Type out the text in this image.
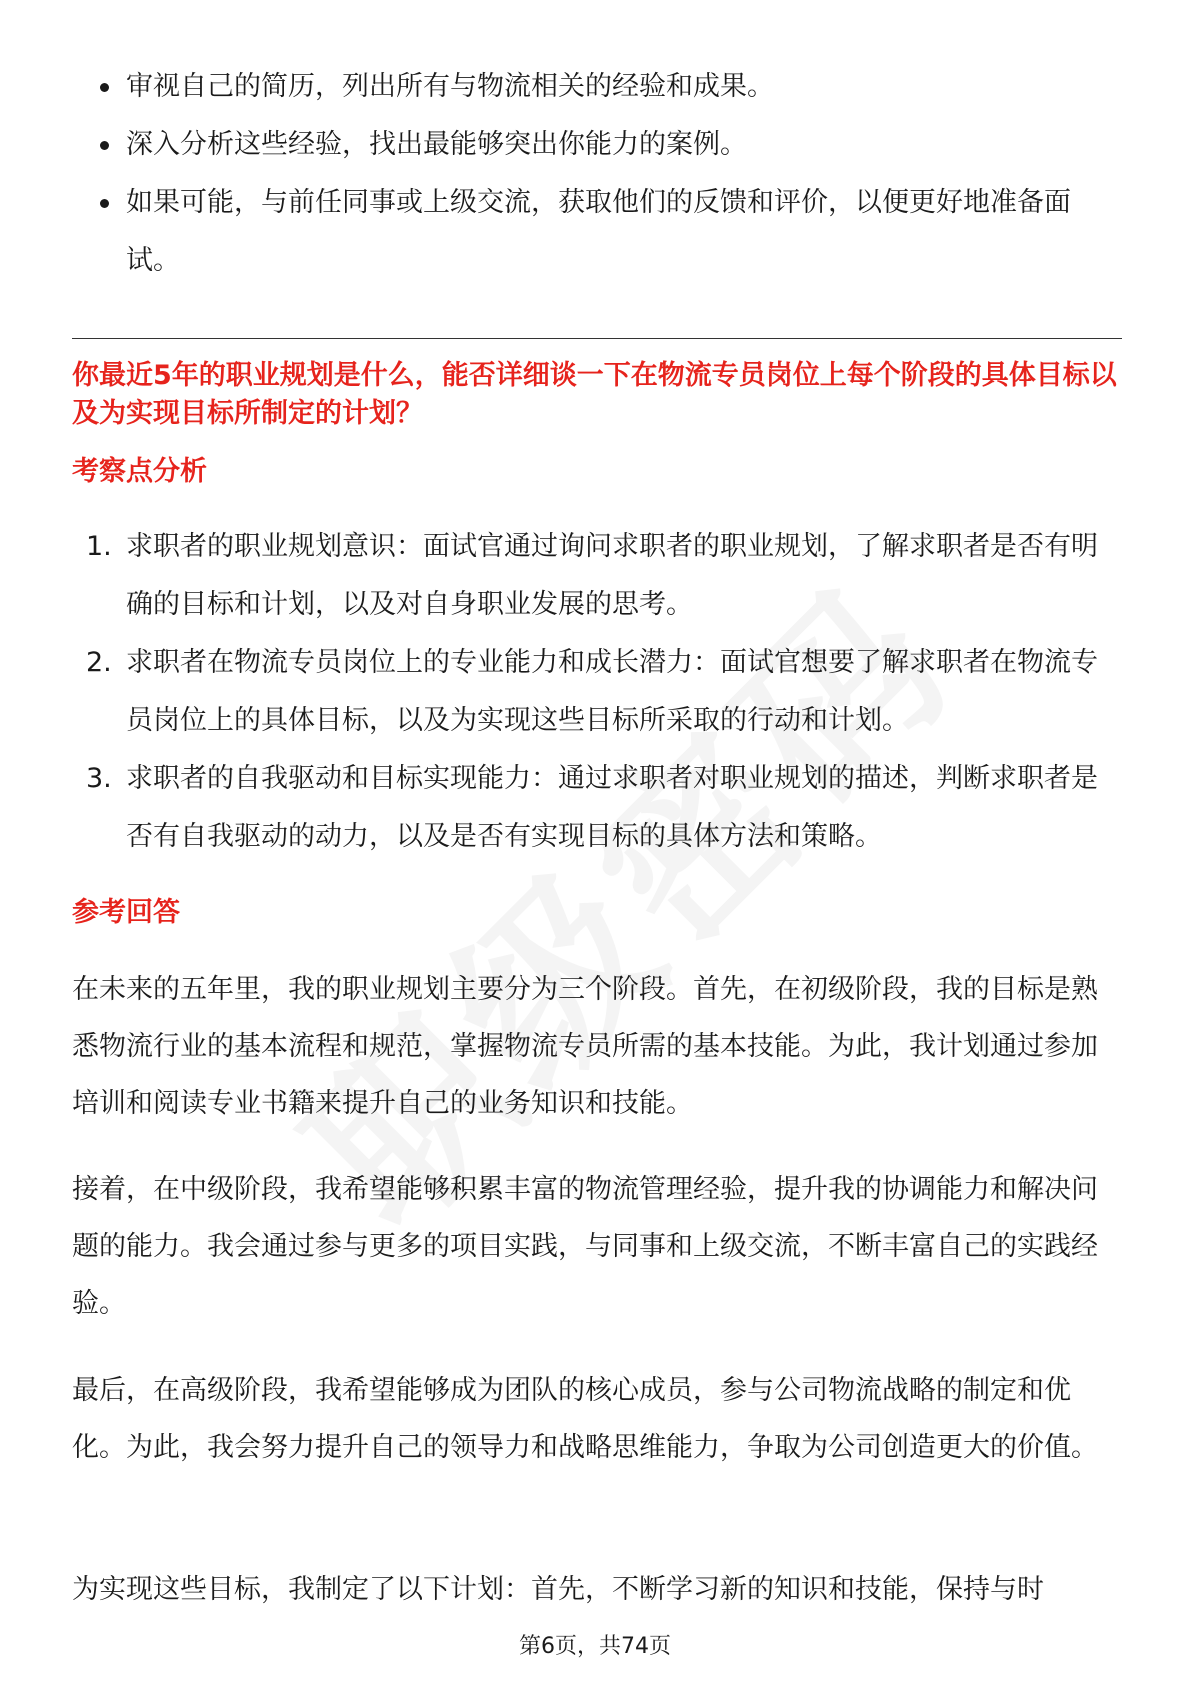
审视自己的简历，列出所有与物流相关的经验和成果。
深入分析这些经验，找出最能够突出你能力的案例。
如果可能，与前任同事或上级交流，获取他们的反馈和评价，以便更好地准备面试。
你最近5年的职业规划是什么，能否详细谈一下在物流专员岗位上每个阶段的具体目标以及为实现目标所制定的计划？
考察点分析
1. 求职者的职业规划意识：面试官通过询问求职者的职业规划，了解求职者是否有明确的目标和计划，以及对自身职业发展的思考。
2. 求职者在物流专员岗位上的专业能力和成长潜力：面试官想要了解求职者在物流专员岗位上的具体目标，以及为实现这些目标所采取的行动和计划。
3. 求职者的自我驱动和目标实现能力：通过求职者对职业规划的描述，判断求职者是否有自我驱动的动力，以及是否有实现目标的具体方法和策略。
参考回答

在未来的五年里，我的职业规划主要分为三个阶段。首先，在初级阶段，我的目标是熟悉物流行业的基本流程和规范，掌握物流专员所需的基本技能。为此，我计划通过参加培训和阅读专业书籍来提升自己的业务知识和技能。

接着，在中级阶段，我希望能够积累丰富的物流管理经验，提升我的协调能力和解决问题的能力。我会通过参与更多的项目实践，与同事和上级交流，不断丰富自己的实践经验。

最后，在高级阶段，我希望能够成为团队的核心成员，参与公司物流战略的制定和优化。为此，我会努力提升自己的领导力和战略思维能力，争取为公司创造更大的价值。

为实现这些目标，我制定了以下计划：首先，不断学习新的知识和技能，保持与时

第6页，共74页
